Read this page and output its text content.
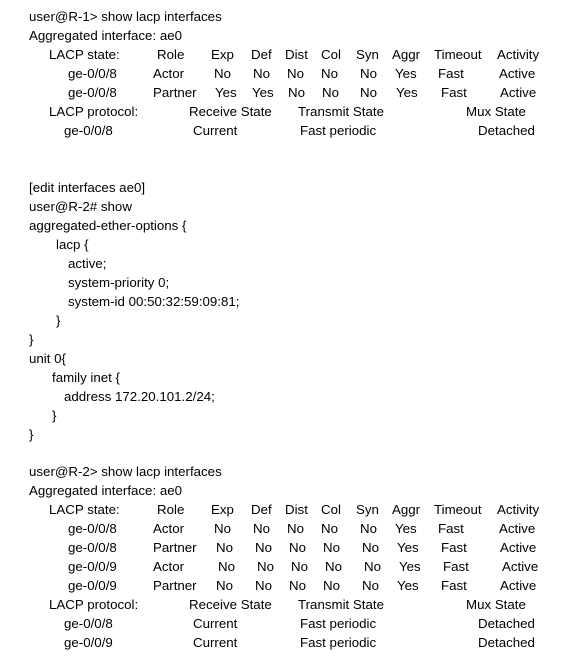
user@R-1> show lacp interfaces
Aggregated interface: ae0
LACP state:	Role Exp Def Dist Col Syn Aggr Timeout Activity
ge-0/0/8	Actor No No No No No Yes Fast	Active
ge-0/0/8	Partner Yes Yes No No No Yes Fast Active
LACP protocol:	Receive State Transmit State	Mux State
ge-0/0/8	Current	Fast periodic	Detached
[edit interfaces ae0]
user@R-2# show
aggregated-ether-options {
lacp {
active;
system-priority 0;
system-id 00:50:32:59:09:81;
}
}
unit 0{
family inet {
address 172.20.101.2/24;
}
}
user@R-2> show lacp interfaces
Aggregated interface: ae0
LACP state:	Role Exp Def Dist Col Syn Aggr Timeout Activity
ge-0/0/8	Actor No No No No No Yes Fast	Active
ge-0/0/8	Partner No No No No No Yes Fast Active
ge-0/0/9	Actor	No No No No No Yes Fast Active
ge-0/0/9	Partner No No No No No Yes Fast Active
LACP protocol:	Receive State Transmit State	Mux State
ge-0/0/8	Current	Fast periodic	Detached
ge-0/0/9	Current	Fast periodic	Detached
